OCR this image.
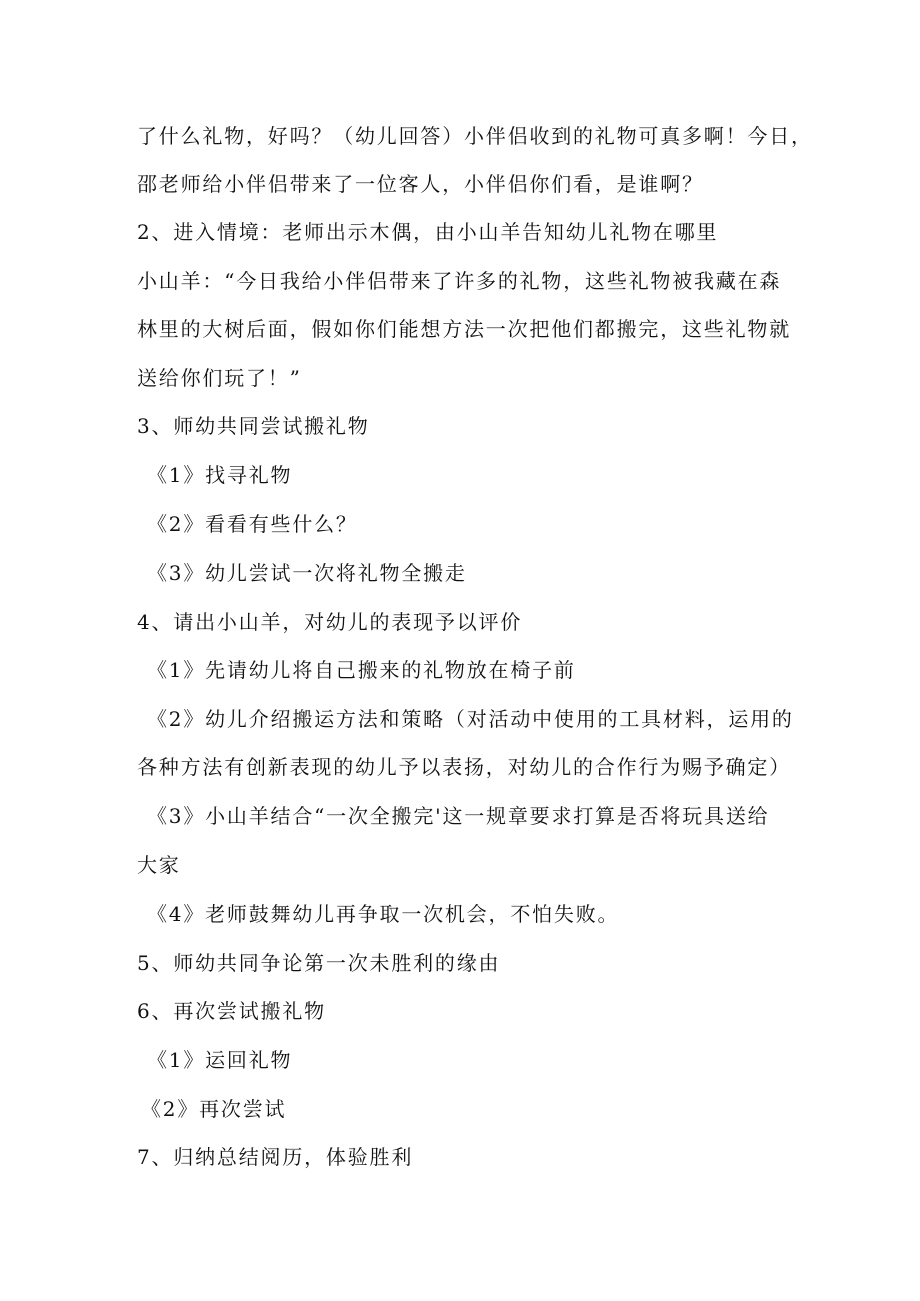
了什么礼物，好吗？（幼儿回答）小伴侣收到的礼物可真多啊！今日，
邵老师给小伴侣带来了一位客人，小伴侣你们看，是谁啊？
2、进入情境：老师出示木偶，由小山羊告知幼儿礼物在哪里
小山羊：“今日我给小伴侣带来了许多的礼物，这些礼物被我藏在森
林里的大树后面，假如你们能想方法一次把他们都搬完，这些礼物就
送给你们玩了！”
3、师幼共同尝试搬礼物
《1》找寻礼物
《2》看看有些什么？
《3》幼儿尝试一次将礼物全搬走
4、请出小山羊，对幼儿的表现予以评价
《1》先请幼儿将自己搬来的礼物放在椅子前
《2》幼儿介绍搬运方法和策略（对活动中使用的工具材料，运用的
各种方法有创新表现的幼儿予以表扬，对幼儿的合作行为赐予确定）
《3》小山羊结合“一次全搬完'这一规章要求打算是否将玩具送给
大家
《4》老师鼓舞幼儿再争取一次机会，不怕失败。
5、师幼共同争论第一次未胜利的缘由
6、再次尝试搬礼物
《1》运回礼物
《2》再次尝试
7、归纳总结阅历，体验胜利
